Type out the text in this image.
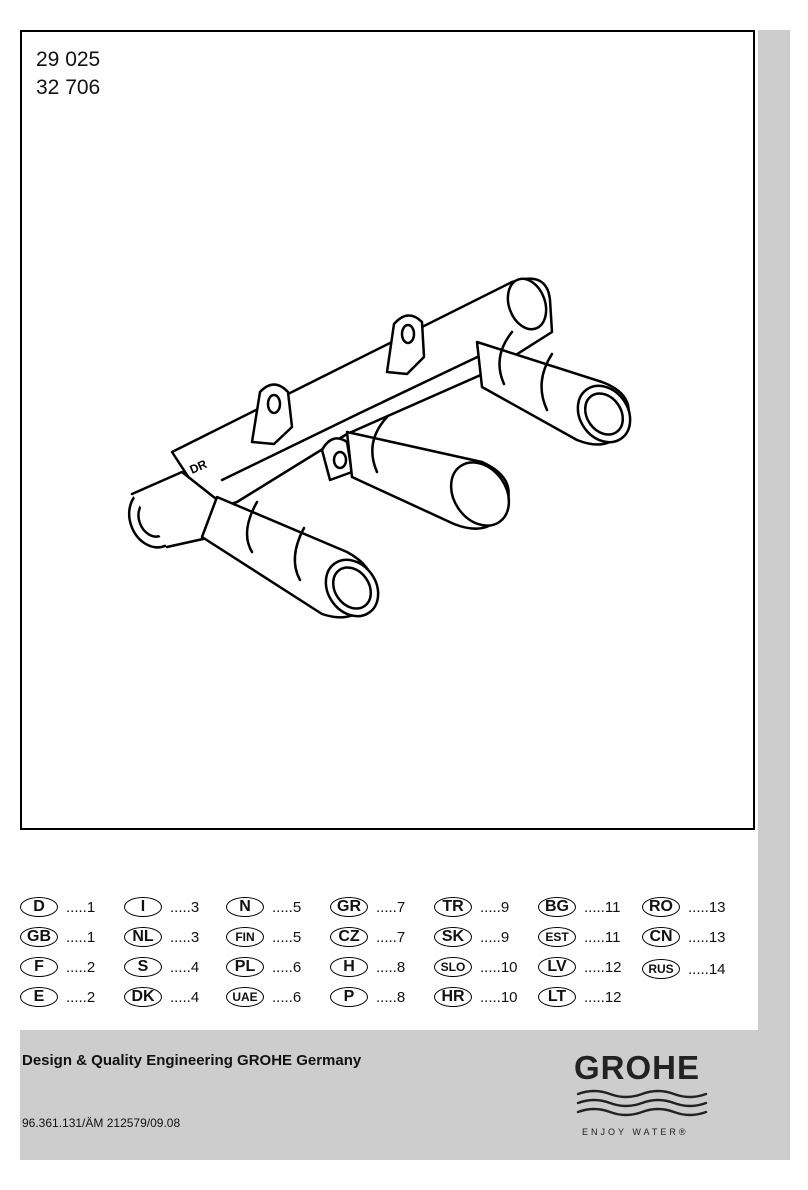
29 025
32 706
DR
D	.....1
GB	.....1
F	.....2
E	.....2
I	.....3
NL	.....3
S	.....4
DK	.....4
N	.....5
FIN	.....5
PL	.....6
UAE .....6
GR	.....7
CZ	.....7
H	.....8
P	.....8
TR	.....9
SK	.....9
SLO .....10
HR	.....10
BG	.....11
EST	.....11
LV	.....12
LT	.....12
RO	.....13
CN	.....13
RUS .....14
Design & Quality Engineering GROHE Germany
96.361.131/ÄM 212579/09.08
GROHE
ENJOY WATER®
